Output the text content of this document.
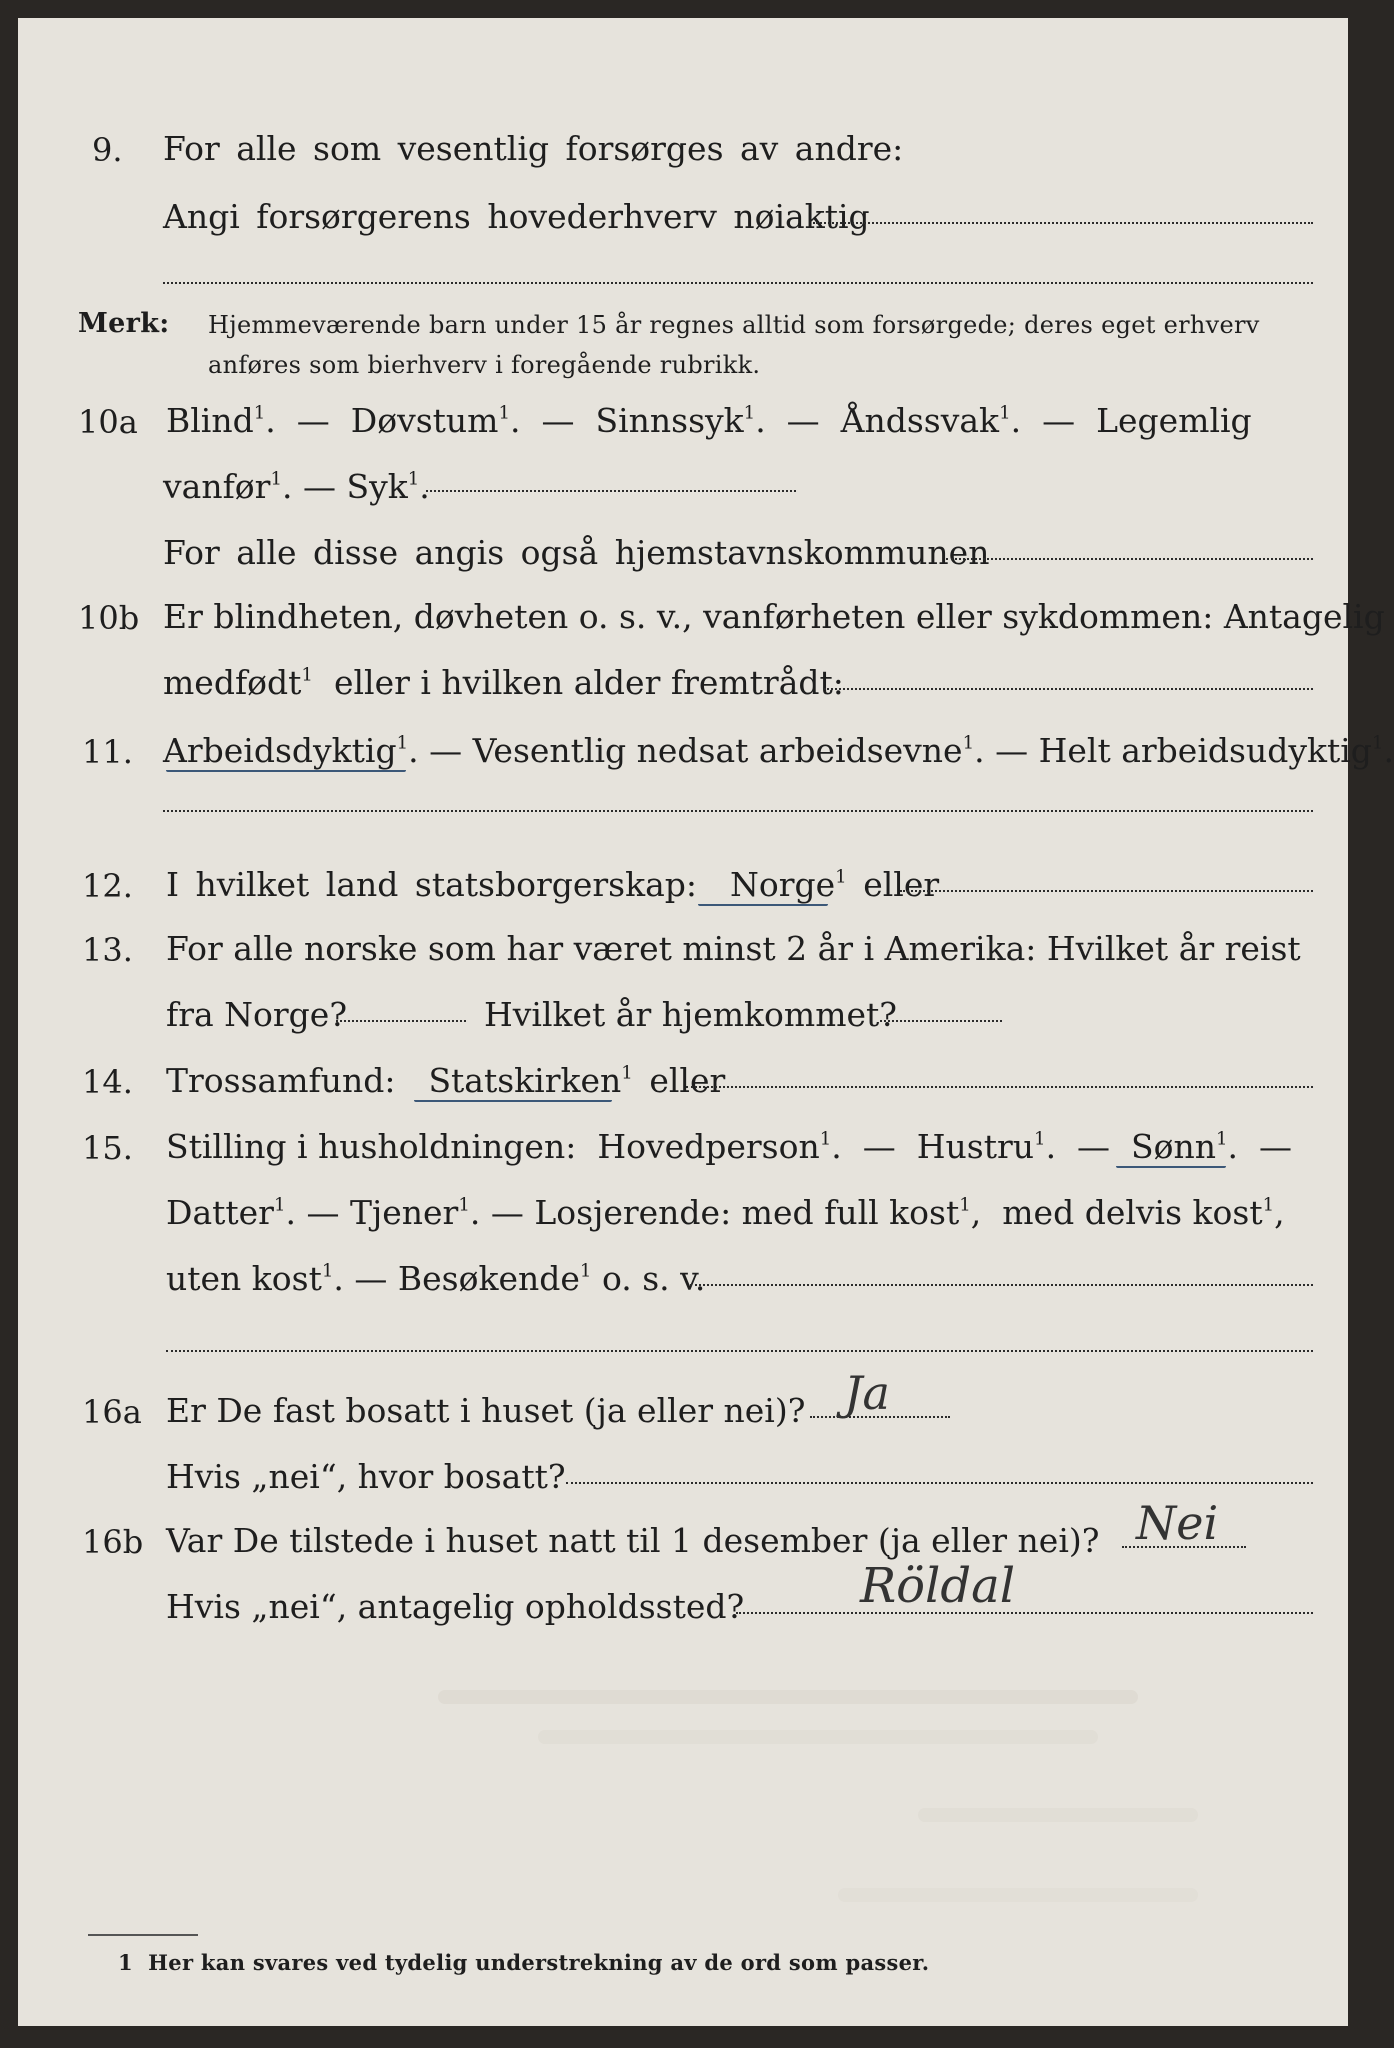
9. For alle som vesentlig forsørges av andre:
Angi forsørgerens hovederhverv nøiaktig
Merk: Hjemmeværende barn under 15 år regnes alltid som forsørgede; deres eget erhverv
anføres som bierhverv i foregående rubrikk.
10a Blind$^1$.  —  Døvstum$^1$.  —  Sinnssyk$^1$.  —  Åndssvak$^1$.  —  Legemlig
vanfør$^1$. — Syk$^1$.
For alle disse angis også hjemstavnskommunen
10b Er blindheten, døvheten o. s. v., vanførheten eller sykdommen: Antagelig
medfødt$^1$ eller i hvilken alder fremtrådt:
11. Arbeidsdyktig$^1$. — Vesentlig nedsat arbeidsevne$^1$. — Helt arbeidsudyktig$^1$.
12. I hvilket land statsborgerskap: Norge$^1$ eller
13. For alle norske som har været minst 2 år i Amerika: Hvilket år reist
fra Norge?	Hvilket år hjemkommet?
14. Trossamfund: Statskirken$^1$ eller
15. Stilling i husholdningen: Hovedperson$^1$.  —  Hustru$^1$.  —  Sønn$^1$.  —
Datter$^1$. — Tjener$^1$. — Losjerende: med full kost$^1$,  med delvis kost$^1$,
uten kost$^1$. — Besøkende$^1$ o. s. v.
16a Er De fast bosatt i huset (ja eller nei)? Ja
Hvis „nei“, hvor bosatt?
16b Var De tilstede i huset natt til 1 desember (ja eller nei)? Nei
Hvis „nei“, antagelig opholdssted? Röldal
1 Her kan svares ved tydelig understrekning av de ord som passer.
